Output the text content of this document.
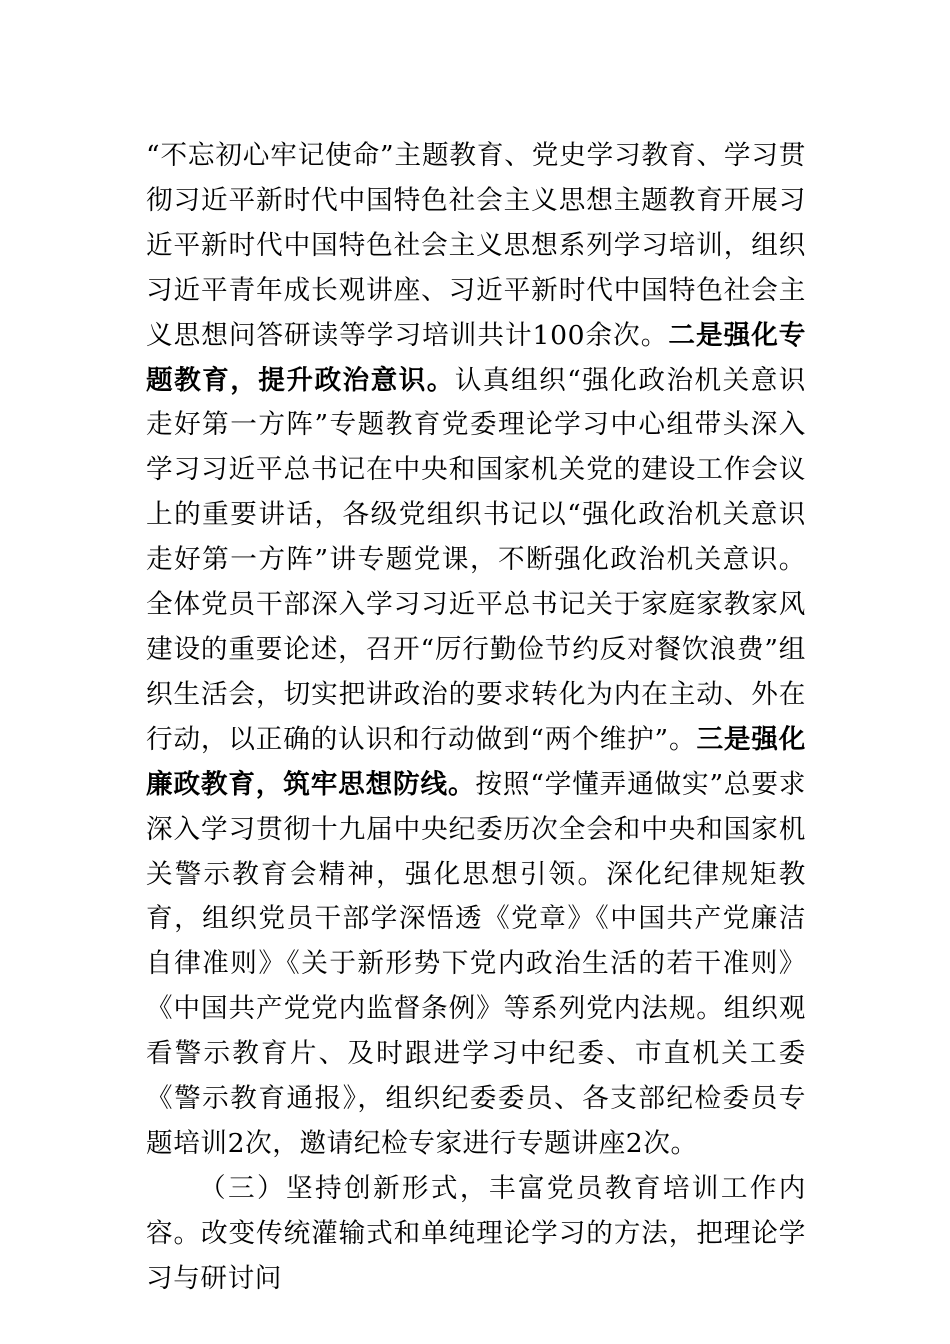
“不忘初心牢记使命”主题教育、党史学习教育、学习贯彻习近平新时代中国特色社会主义思想主题教育开展习近平新时代中国特色社会主义思想系列学习培训，组织习近平青年成长观讲座、习近平新时代中国特色社会主义思想问答研读等学习培训共计100余次。二是强化专题教育，提升政治意识。认真组织“强化政治机关意识走好第一方阵”专题教育党委理论学习中心组带头深入学习习近平总书记在中央和国家机关党的建设工作会议上的重要讲话，各级党组织书记以“强化政治机关意识走好第一方阵”讲专题党课，不断强化政治机关意识。全体党员干部深入学习习近平总书记关于家庭家教家风建设的重要论述，召开“厉行勤俭节约反对餐饮浪费”组织生活会，切实把讲政治的要求转化为内在主动、外在行动，以正确的认识和行动做到“两个维护”。三是强化廉政教育，筑牢思想防线。按照“学懂弄通做实”总要求深入学习贯彻十九届中央纪委历次全会和中央和国家机关警示教育会精神，强化思想引领。深化纪律规矩教育，组织党员干部学深悟透《党章》《中国共产党廉洁自律准则》《关于新形势下党内政治生活的若干准则》《中国共产党党内监督条例》等系列党内法规。组织观看警示教育片、及时跟进学习中纪委、市直机关工委《警示教育通报》，组织纪委委员、各支部纪检委员专题培训2次，邀请纪检专家进行专题讲座2次。

（三）坚持创新形式，丰富党员教育培训工作内容。改变传统灌输式和单纯理论学习的方法，把理论学习与研讨问
